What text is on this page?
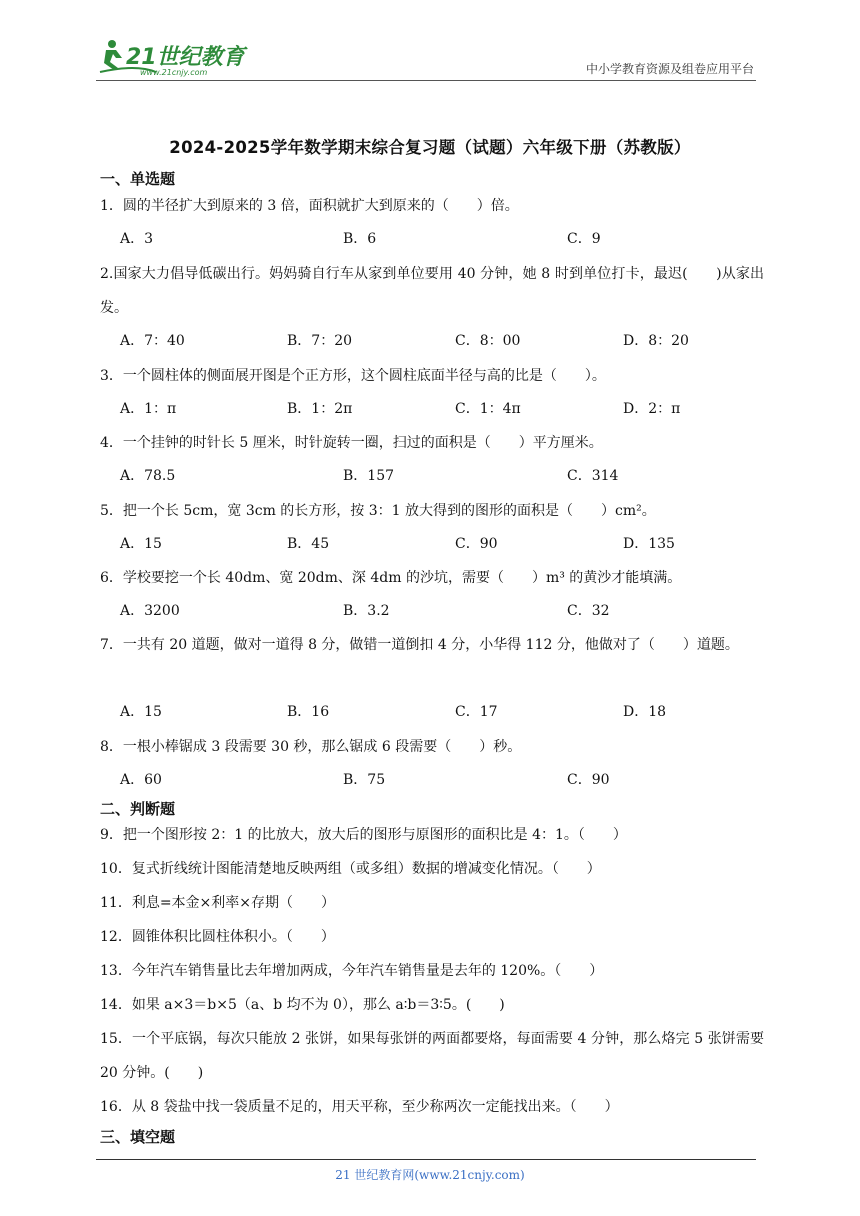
21世纪教育
www.21cnjy.com	中小学教育资源及组卷应用平台
2024-2025学年数学期末综合复习题（试题）六年级下册（苏教版）
一、单选题
1．圆的半径扩大到原来的 3 倍，面积就扩大到原来的（　　）倍。
A．3	B．6	C．9
2.国家大力倡导低碳出行。妈妈骑自行车从家到单位要用 40 分钟，她 8 时到单位打卡，最迟(　　)从家出发。
A．7：40	B．7：20	C．8：00	D．8：20
3．一个圆柱体的侧面展开图是个正方形，这个圆柱底面半径与高的比是（　　）。
A．1：π	B．1：2π	C．1：4π	D．2：π
4．一个挂钟的时针长 5 厘米，时针旋转一圈，扫过的面积是（　　）平方厘米。
A．78.5	B．157	C．314
5．把一个长 5cm，宽 3cm 的长方形，按 3：1 放大得到的图形的面积是（　　）cm²。
A．15	B．45	C．90	D．135
6．学校要挖一个长 40dm、宽 20dm、深 4dm 的沙坑，需要（　　）m³ 的黄沙才能填满。
A．3200	B．3.2	C．32
7．一共有 20 道题，做对一道得 8 分，做错一道倒扣 4 分，小华得 112 分，他做对了（　　）道题。
A．15	B．16	C．17	D．18
8．一根小棒锯成 3 段需要 30 秒，那么锯成 6 段需要（　　）秒。
A．60	B．75	C．90
二、判断题
9．把一个图形按 2：1 的比放大，放大后的图形与原图形的面积比是 4：1。（　　）
10．复式折线统计图能清楚地反映两组（或多组）数据的增减变化情况。（　　）
11．利息=本金×利率×存期（　　）
12．圆锥体积比圆柱体积小。（　　）
13．今年汽车销售量比去年增加两成，今年汽车销售量是去年的 120%。（　　）
14．如果 a×3＝b×5（a、b 均不为 0），那么 a∶b＝3∶5。(　　)
15．一个平底锅，每次只能放 2 张饼，如果每张饼的两面都要烙，每面需要 4 分钟，那么烙完 5 张饼需要 20 分钟。(　　)
16．从 8 袋盐中找一袋质量不足的，用天平称，至少称两次一定能找出来。（　　）
三、填空题
21 世纪教育网(www.21cnjy.com)
